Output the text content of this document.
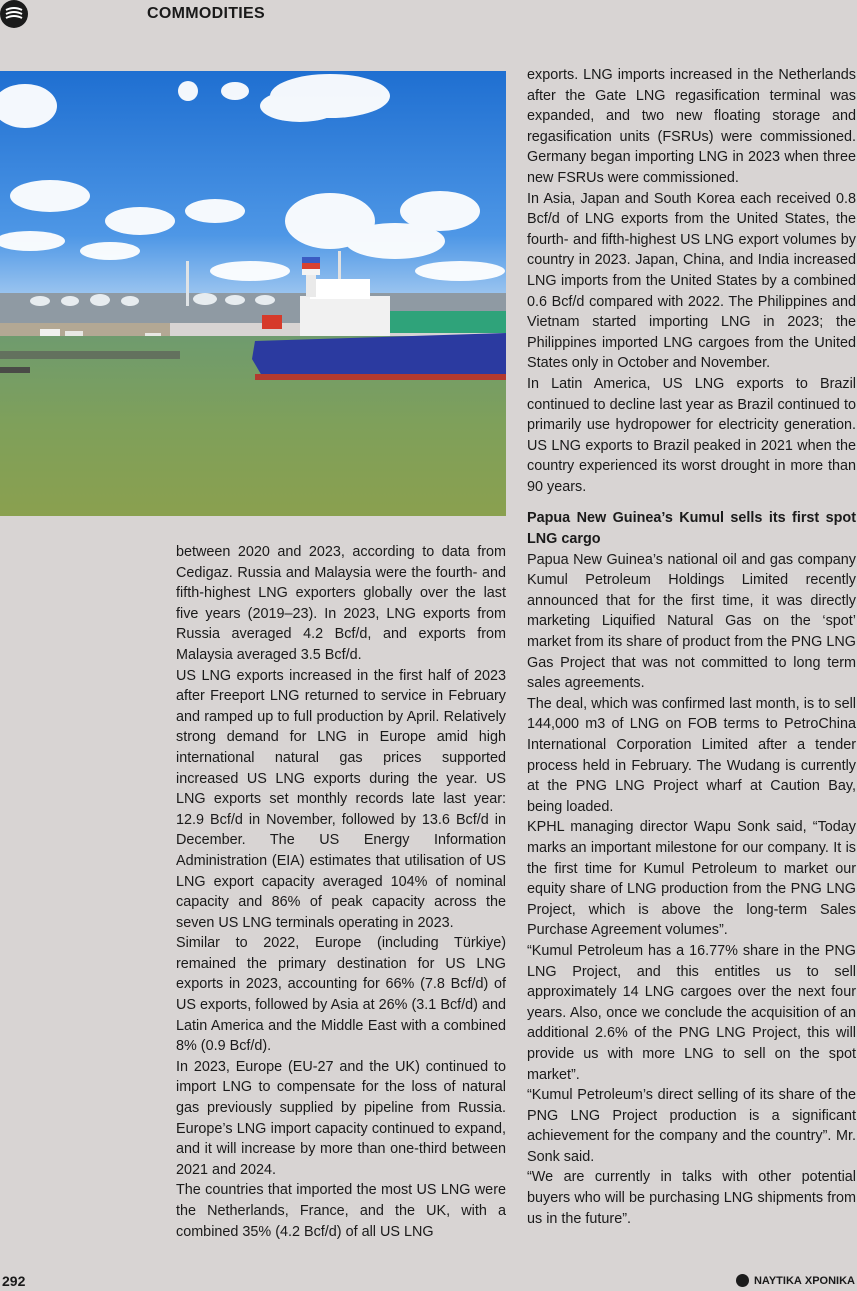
COMMODITIES

between 2020 and 2023, according to data from Cedigaz. Russia and Malaysia were the fourth- and fifth-highest LNG exporters globally over the last five years (2019–23). In 2023, LNG exports from Russia averaged 4.2 Bcf/d, and exports from Malaysia averaged 3.5 Bcf/d.

US LNG exports increased in the first half of 2023 after Freeport LNG returned to service in February and ramped up to full production by April. Relatively strong demand for LNG in Europe amid high international natural gas prices supported increased US LNG exports during the year. US LNG exports set monthly records late last year: 12.9 Bcf/d in November, followed by 13.6 Bcf/d in December. The US Energy Information Administration (EIA) estimates that utilisation of US LNG export capacity averaged 104% of nominal capacity and 86% of peak capacity across the seven US LNG terminals operating in 2023.

Similar to 2022, Europe (including Türkiye) remained the primary destination for US LNG exports in 2023, accounting for 66% (7.8 Bcf/d) of US exports, followed by Asia at 26% (3.1 Bcf/d) and Latin America and the Middle East with a combined 8% (0.9 Bcf/d).

In 2023, Europe (EU-27 and the UK) continued to import LNG to compensate for the loss of natural gas previously supplied by pipeline from Russia. Europe’s LNG import capacity continued to expand, and it will increase by more than one-third between 2021 and 2024.

The countries that imported the most US LNG were the Netherlands, France, and the UK, with a combined 35% (4.2 Bcf/d) of all US LNG

exports. LNG imports increased in the Netherlands after the Gate LNG regasification terminal was expanded, and two new floating storage and regasification units (FSRUs) were commissioned. Germany began importing LNG in 2023 when three new FSRUs were commissioned.

In Asia, Japan and South Korea each received 0.8 Bcf/d of LNG exports from the United States, the fourth- and fifth-highest US LNG export volumes by country in 2023. Japan, China, and India increased LNG imports from the United States by a combined 0.6 Bcf/d compared with 2022. The Philippines and Vietnam started importing LNG in 2023; the Philippines imported LNG cargoes from the United States only in October and November.

In Latin America, US LNG exports to Brazil continued to decline last year as Brazil continued to primarily use hydropower for electricity generation. US LNG exports to Brazil peaked in 2021 when the country experienced its worst drought in more than 90 years.

Papua New Guinea’s Kumul sells its first spot LNG cargo

Papua New Guinea’s national oil and gas company Kumul Petroleum Holdings Limited recently announced that for the first time, it was directly marketing Liquified Natural Gas on the ‘spot’ market from its share of product from the PNG LNG Gas Project that was not committed to long term sales agreements.

The deal, which was confirmed last month, is to sell 144,000 m3 of LNG on FOB terms to PetroChina International Corporation Limited after a tender process held in February. The Wudang is currently at the PNG LNG Project wharf at Caution Bay, being loaded.

KPHL managing director Wapu Sonk said, “Today marks an important milestone for our company. It is the first time for Kumul Petroleum to market our equity share of LNG production from the PNG LNG Project, which is above the long-term Sales Purchase Agreement volumes”.

“Kumul Petroleum has a 16.77% share in the PNG LNG Project, and this entitles us to sell approximately 14 LNG cargoes over the next four years. Also, once we conclude the acquisition of an additional 2.6% of the PNG LNG Project, this will provide us with more LNG to sell on the spot market”.

“Kumul Petroleum’s direct selling of its share of the PNG LNG Project production is a significant achievement for the company and the country”. Mr. Sonk said.

“We are currently in talks with other potential buyers who will be purchasing LNG shipments from us in the future”.

292	ΝΑΥΤΙΚΑ ΧΡΟΝΙΚΑ
